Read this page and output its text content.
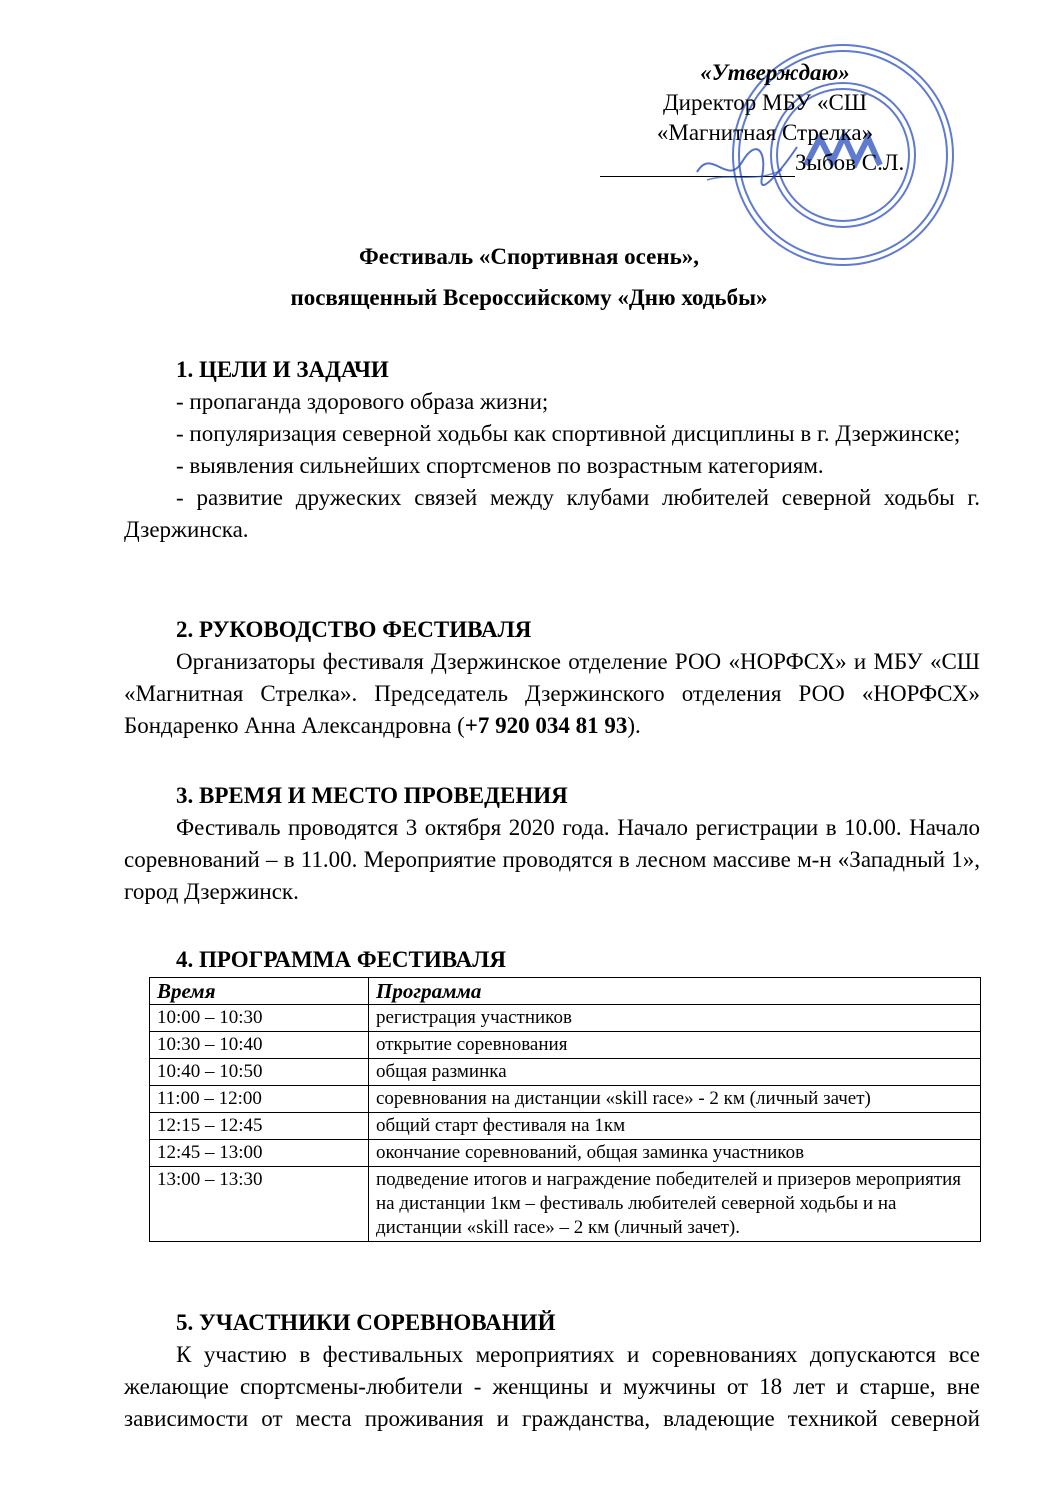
«Утверждаю»
Директор МБУ «СШ
«Магнитная Стрелка»
Зыбов С.Л.
Фестиваль «Спортивная осень»,
посвященный Всероссийскому «Дню ходьбы»

1. ЦЕЛИ И ЗАДАЧИ

- пропаганда здорового образа жизни;

- популяризация северной ходьбы как спортивной дисциплины в г. Дзержинске;

- выявления сильнейших спортсменов по возрастным категориям.

- развитие дружеских связей между клубами любителей северной ходьбы г. Дзержинска.

2. РУКОВОДСТВО ФЕСТИВАЛЯ

Организаторы фестиваля Дзержинское отделение РОО «НОРФСХ» и МБУ «СШ «Магнитная Стрелка». Председатель Дзержинского отделения РОО «НОРФСХ» Бондаренко Анна Александровна (+7 920 034 81 93).

3. ВРЕМЯ И МЕСТО ПРОВЕДЕНИЯ

Фестиваль проводятся 3 октября 2020 года. Начало регистрации в 10.00. Начало соревнований – в 11.00. Мероприятие проводятся в лесном массиве м-н «Западный 1», город Дзержинск.

4. ПРОГРАММА ФЕСТИВАЛЯ

Время	Программа
10:00 – 10:30	регистрация участников
10:30 – 10:40	открытие соревнования
10:40 – 10:50	общая разминка
11:00 – 12:00	соревнования на дистанции «skill race» - 2 км (личный зачет)
12:15 – 12:45	общий старт фестиваля на 1км
12:45 – 13:00	окончание соревнований, общая заминка участников
13:00 – 13:30	подведение итогов и награждение победителей и призеров мероприятия на дистанции 1км – фестиваль любителей северной ходьбы и на дистанции «skill race» – 2 км (личный зачет).

5. УЧАСТНИКИ СОРЕВНОВАНИЙ

К участию в фестивальных мероприятиях и соревнованиях допускаются все желающие спортсмены-любители - женщины и мужчины от 18 лет и старше, вне зависимости от места проживания и гражданства, владеющие техникой северной
